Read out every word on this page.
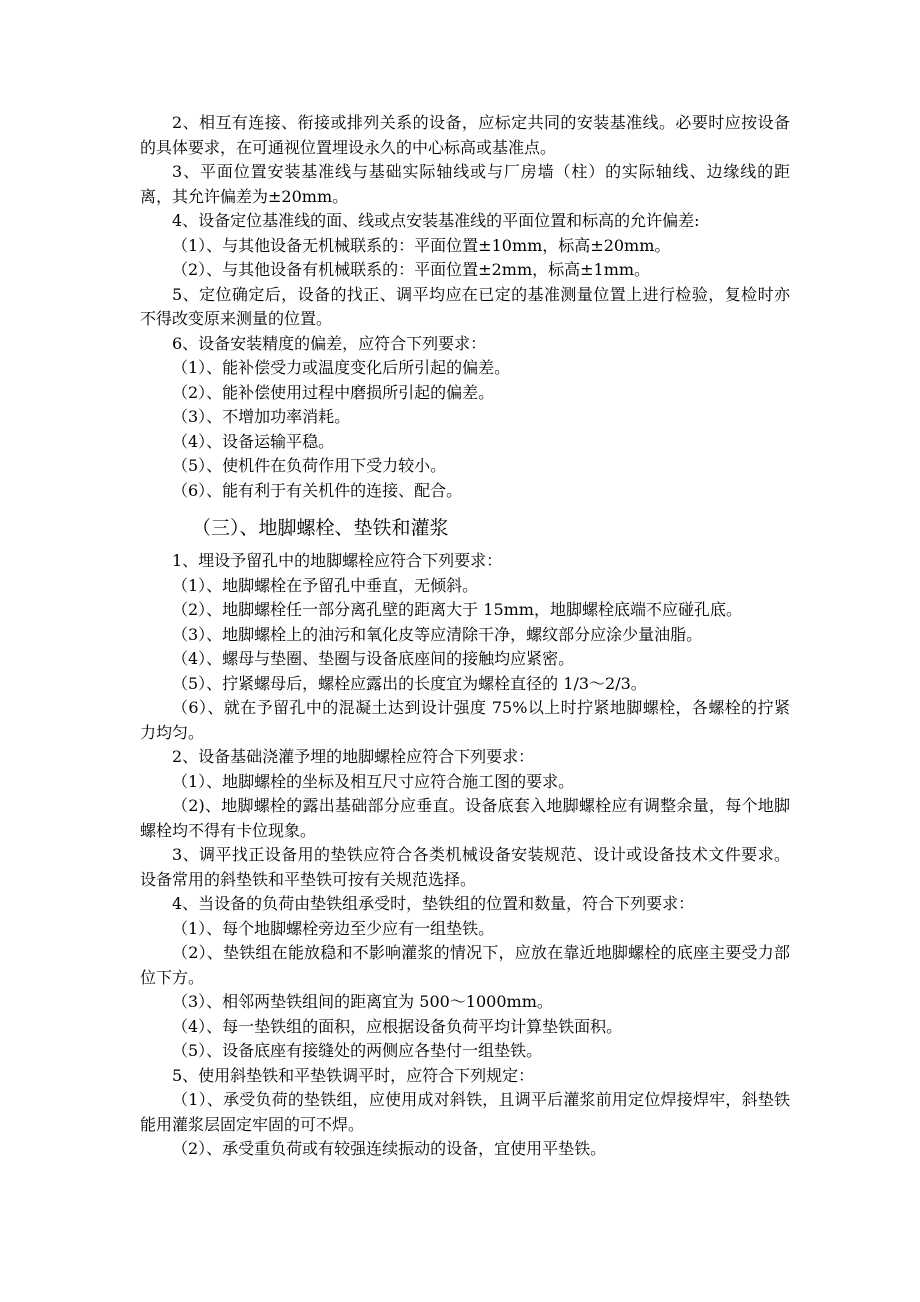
2、相互有连接、衔接或排列关系的设备，应标定共同的安装基准线。必要时应按设备的具体要求，在可通视位置埋设永久的中心标高或基准点。

3、平面位置安装基准线与基础实际轴线或与厂房墙（柱）的实际轴线、边缘线的距离，其允许偏差为±20mm。

4、设备定位基准线的面、线或点安装基准线的平面位置和标高的允许偏差:

（1）、与其他设备无机械联系的：平面位置±10mm，标高±20mm。

（2）、与其他设备有机械联系的：平面位置±2mm，标高±1mm。

5、定位确定后，设备的找正、调平均应在已定的基准测量位置上进行检验，复检时亦不得改变原来测量的位置。

6、设备安装精度的偏差，应符合下列要求：

（1）、能补偿受力或温度变化后所引起的偏差。

（2）、能补偿使用过程中磨损所引起的偏差。

（3）、不增加功率消耗。

（4）、设备运输平稳。

（5）、使机件在负荷作用下受力较小。

（6）、能有利于有关机件的连接、配合。

（三）、地脚螺栓、垫铁和灌浆

1、埋设予留孔中的地脚螺栓应符合下列要求：

（1）、地脚螺栓在予留孔中垂直，无倾斜。

（2）、地脚螺栓任一部分离孔壁的距离大于 15mm，地脚螺栓底端不应碰孔底。

（3）、地脚螺栓上的油污和氧化皮等应清除干净，螺纹部分应涂少量油脂。

（4）、螺母与垫圈、垫圈与设备底座间的接触均应紧密。

（5）、拧紧螺母后，螺栓应露出的长度宜为螺栓直径的 1/3～2/3。

（6）、就在予留孔中的混凝土达到设计强度 75%以上时拧紧地脚螺栓，各螺栓的拧紧力均匀。

2、设备基础浇灌予埋的地脚螺栓应符合下列要求：

（1）、地脚螺栓的坐标及相互尺寸应符合施工图的要求。

（2)、地脚螺栓的露出基础部分应垂直。设备底套入地脚螺栓应有调整余量，每个地脚螺栓均不得有卡位现象。

3、调平找正设备用的垫铁应符合各类机械设备安装规范、设计或设备技术文件要求。设备常用的斜垫铁和平垫铁可按有关规范选择。

4、当设备的负荷由垫铁组承受时，垫铁组的位置和数量，符合下列要求：

（1）、每个地脚螺栓旁边至少应有一组垫铁。

（2）、垫铁组在能放稳和不影响灌浆的情况下，应放在靠近地脚螺栓的底座主要受力部位下方。

（3）、相邻两垫铁组间的距离宜为 500～1000mm。

（4）、每一垫铁组的面积，应根据设备负荷平均计算垫铁面积。

（5）、设备底座有接缝处的两侧应各垫付一组垫铁。

5、使用斜垫铁和平垫铁调平时，应符合下列规定：

（1）、承受负荷的垫铁组，应使用成对斜铁，且调平后灌浆前用定位焊接焊牢，斜垫铁能用灌浆层固定牢固的可不焊。

（2）、承受重负荷或有较强连续振动的设备，宜使用平垫铁。
